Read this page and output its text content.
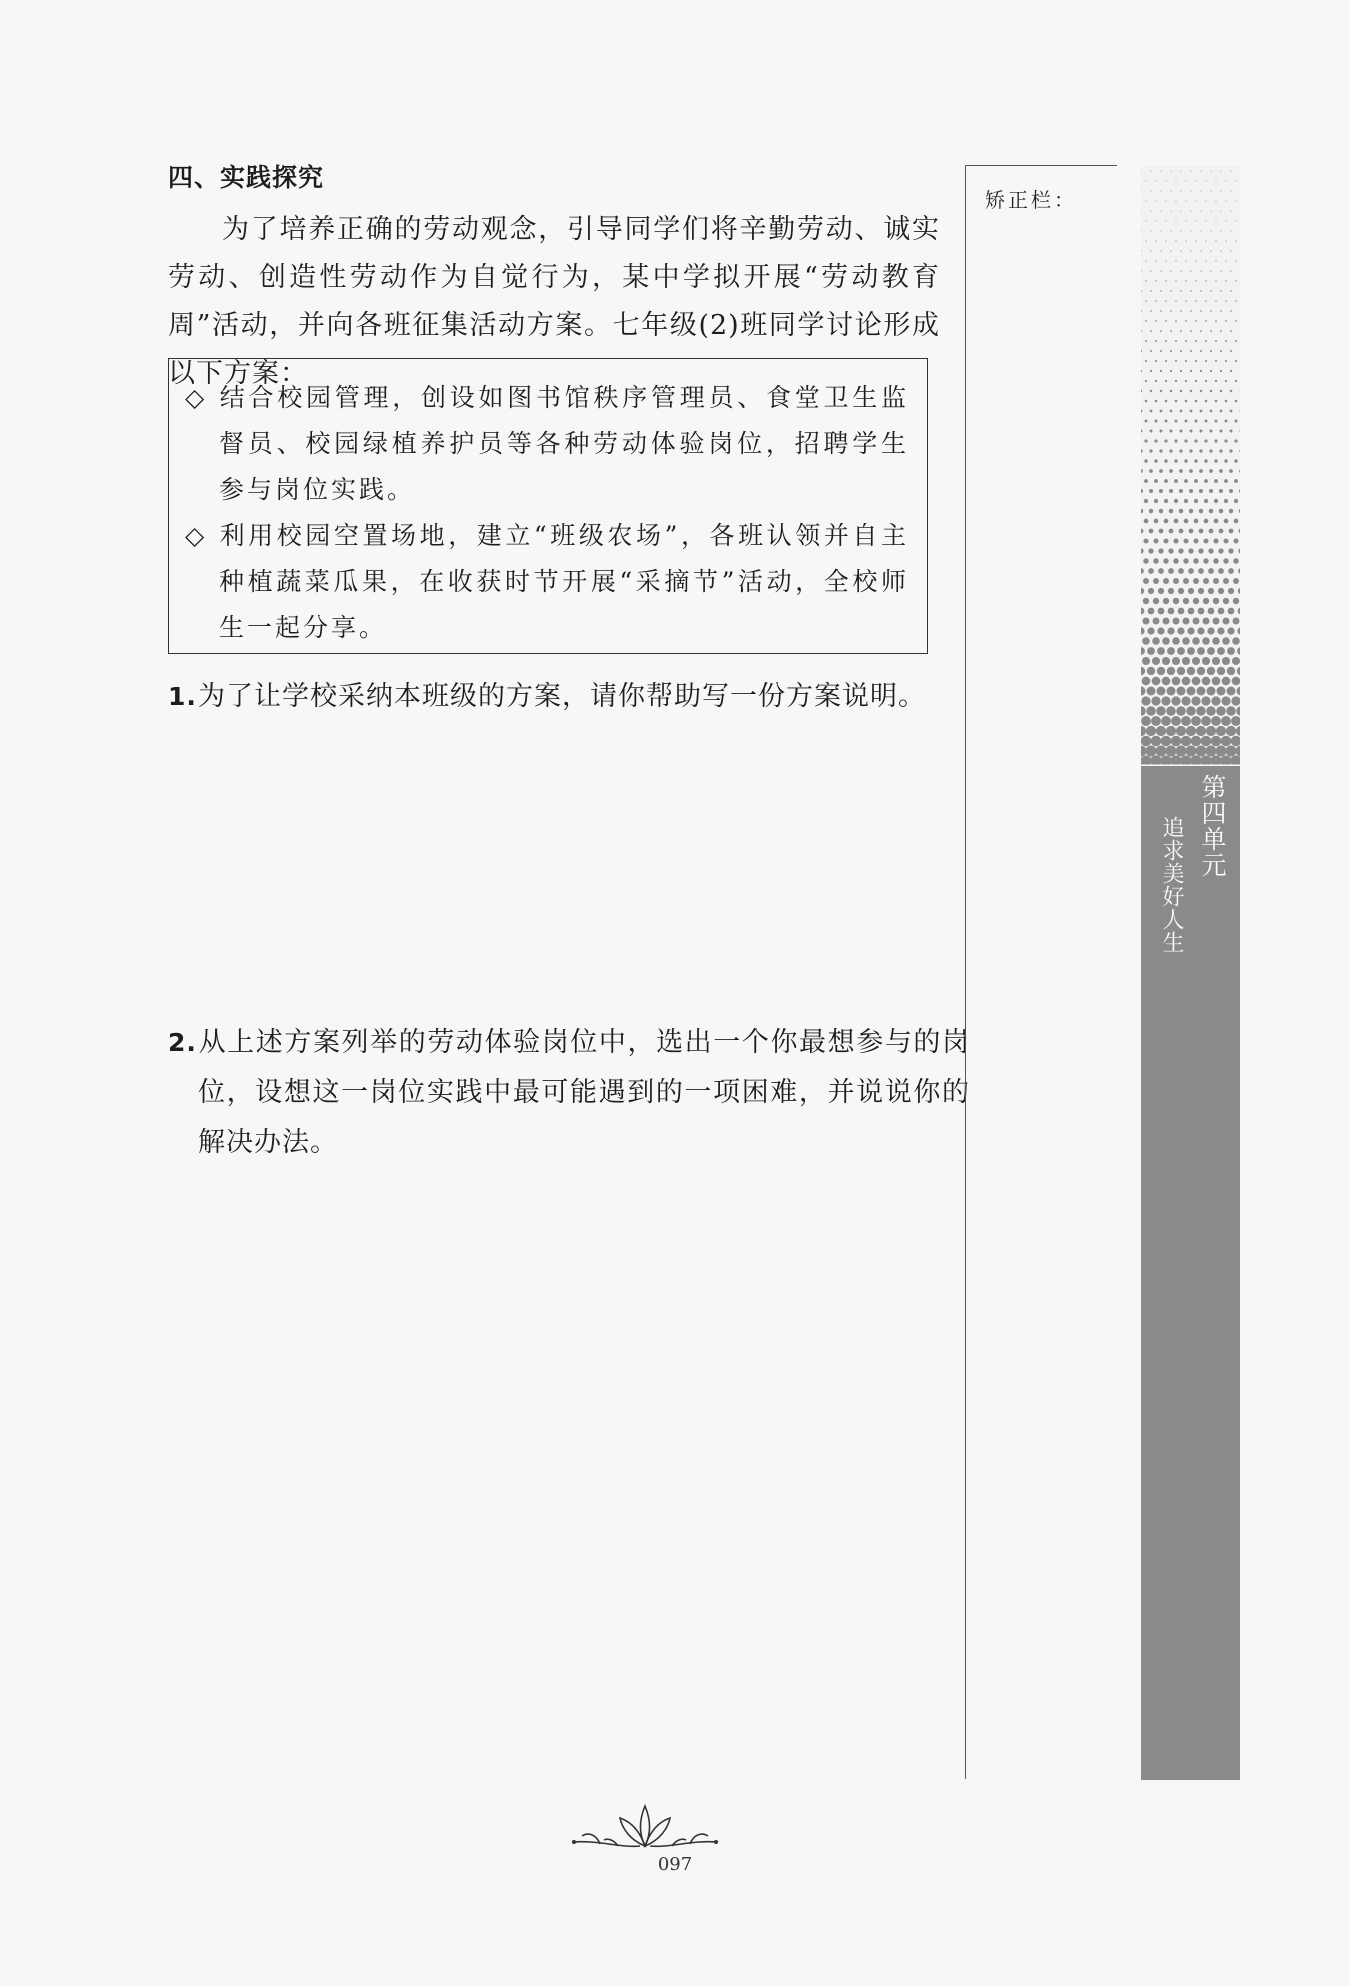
四、实践探究

为了培养正确的劳动观念，引导同学们将辛勤劳动、诚实劳动、创造性劳动作为自觉行为，某中学拟开展“劳动教育周”活动，并向各班征集活动方案。七年级(2)班同学讨论形成以下方案：

◇ 结合校园管理，创设如图书馆秩序管理员、食堂卫生监督员、校园绿植养护员等各种劳动体验岗位，招聘学生参与岗位实践。
◇ 利用校园空置场地，建立“班级农场”，各班认领并自主种植蔬菜瓜果，在收获时节开展“采摘节”活动，全校师生一起分享。
1.为了让学校采纳本班级的方案，请你帮助写一份方案说明。
2.从上述方案列举的劳动体验岗位中，选出一个你最想参与的岗位，设想这一岗位实践中最可能遇到的一项困难，并说说你的解决办法。
矫正栏：
第四单元
追求美好人生
097
